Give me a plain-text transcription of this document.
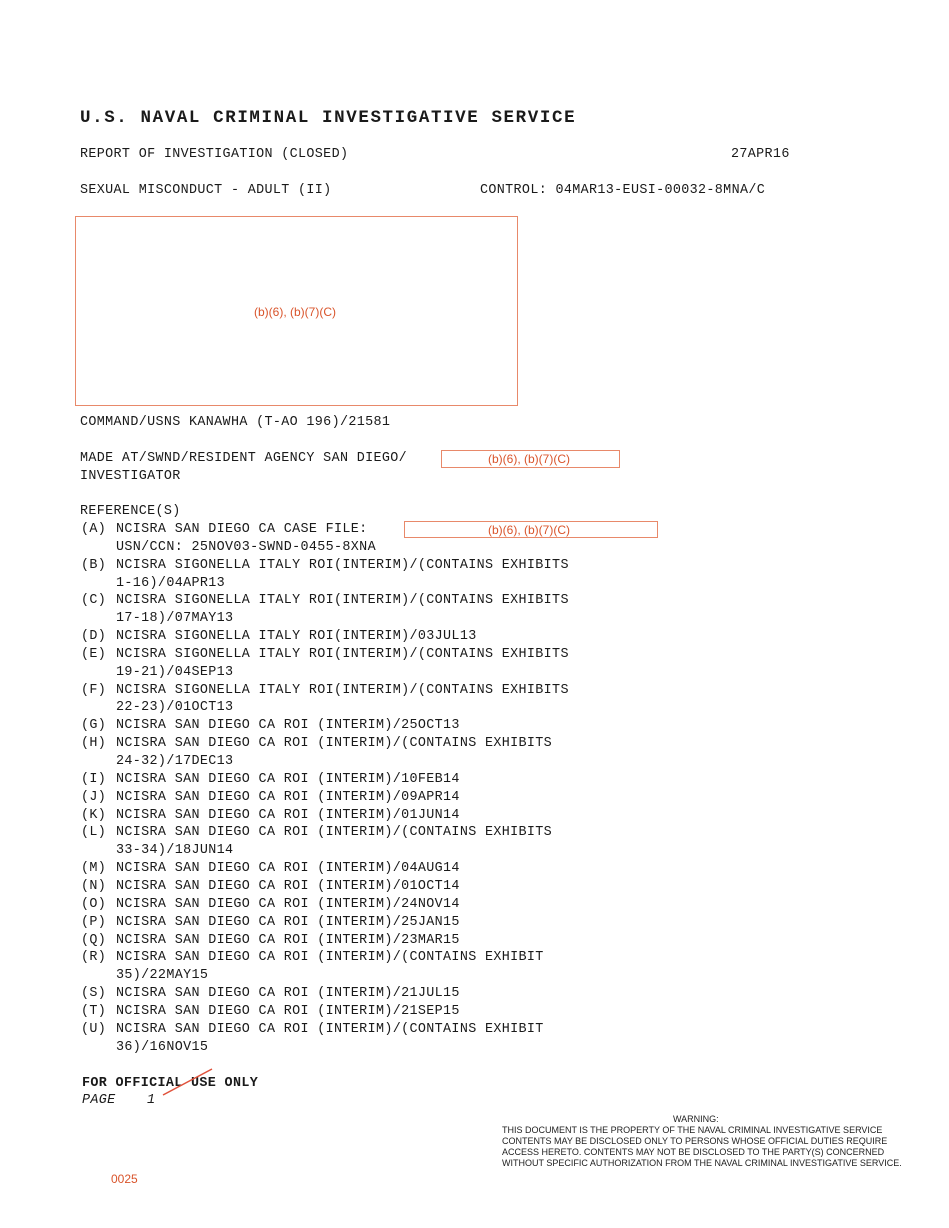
U.S. NAVAL CRIMINAL INVESTIGATIVE SERVICE
REPORT OF INVESTIGATION (CLOSED)	27APR16
SEXUAL MISCONDUCT - ADULT (II)	CONTROL: 04MAR13-EUSI-00032-8MNA/C
(b)(6), (b)(7)(C)
COMMAND/USNS KANAWHA (T-AO 196)/21581
MADE AT/SWND/RESIDENT AGENCY SAN DIEGO/	(b)(6), (b)(7)(C)
INVESTIGATOR
REFERENCE(S)
(A) NCISRA SAN DIEGO CA CASE FILE:
USN/CCN: 25NOV03-SWND-0455-8XNA
(B) NCISRA SIGONELLA ITALY ROI(INTERIM)/(CONTAINS EXHIBITS
1-16)/04APR13
(C) NCISRA SIGONELLA ITALY ROI(INTERIM)/(CONTAINS EXHIBITS
17-18)/07MAY13
(D) NCISRA SIGONELLA ITALY ROI(INTERIM)/03JUL13
(E) NCISRA SIGONELLA ITALY ROI(INTERIM)/(CONTAINS EXHIBITS
19-21)/04SEP13
(F) NCISRA SIGONELLA ITALY ROI(INTERIM)/(CONTAINS EXHIBITS
22-23)/01OCT13
(G) NCISRA SAN DIEGO CA ROI (INTERIM)/25OCT13
(H) NCISRA SAN DIEGO CA ROI (INTERIM)/(CONTAINS EXHIBITS
24-32)/17DEC13
(I) NCISRA SAN DIEGO CA ROI (INTERIM)/10FEB14
(J) NCISRA SAN DIEGO CA ROI (INTERIM)/09APR14
(K) NCISRA SAN DIEGO CA ROI (INTERIM)/01JUN14
(L) NCISRA SAN DIEGO CA ROI (INTERIM)/(CONTAINS EXHIBITS
33-34)/18JUN14
(M) NCISRA SAN DIEGO CA ROI (INTERIM)/04AUG14
(N) NCISRA SAN DIEGO CA ROI (INTERIM)/01OCT14
(O) NCISRA SAN DIEGO CA ROI (INTERIM)/24NOV14
(P) NCISRA SAN DIEGO CA ROI (INTERIM)/25JAN15
(Q) NCISRA SAN DIEGO CA ROI (INTERIM)/23MAR15
(R) NCISRA SAN DIEGO CA ROI (INTERIM)/(CONTAINS EXHIBIT
35)/22MAY15
(S) NCISRA SAN DIEGO CA ROI (INTERIM)/21JUL15
(T) NCISRA SAN DIEGO CA ROI (INTERIM)/21SEP15
(U) NCISRA SAN DIEGO CA ROI (INTERIM)/(CONTAINS EXHIBIT
36)/16NOV15
(b)(6), (b)(7)(C)
FOR OFFICIAL USE ONLY
PAGE 1
WARNING:
THIS DOCUMENT IS THE PROPERTY OF THE NAVAL CRIMINAL INVESTIGATIVE SERVICE
CONTENTS MAY BE DISCLOSED ONLY TO PERSONS WHOSE OFFICIAL DUTIES REQUIRE
ACCESS HERETO. CONTENTS MAY NOT BE DISCLOSED TO THE PARTY(S) CONCERNED
WITHOUT SPECIFIC AUTHORIZATION FROM THE NAVAL CRIMINAL INVESTIGATIVE SERVICE.
0025
